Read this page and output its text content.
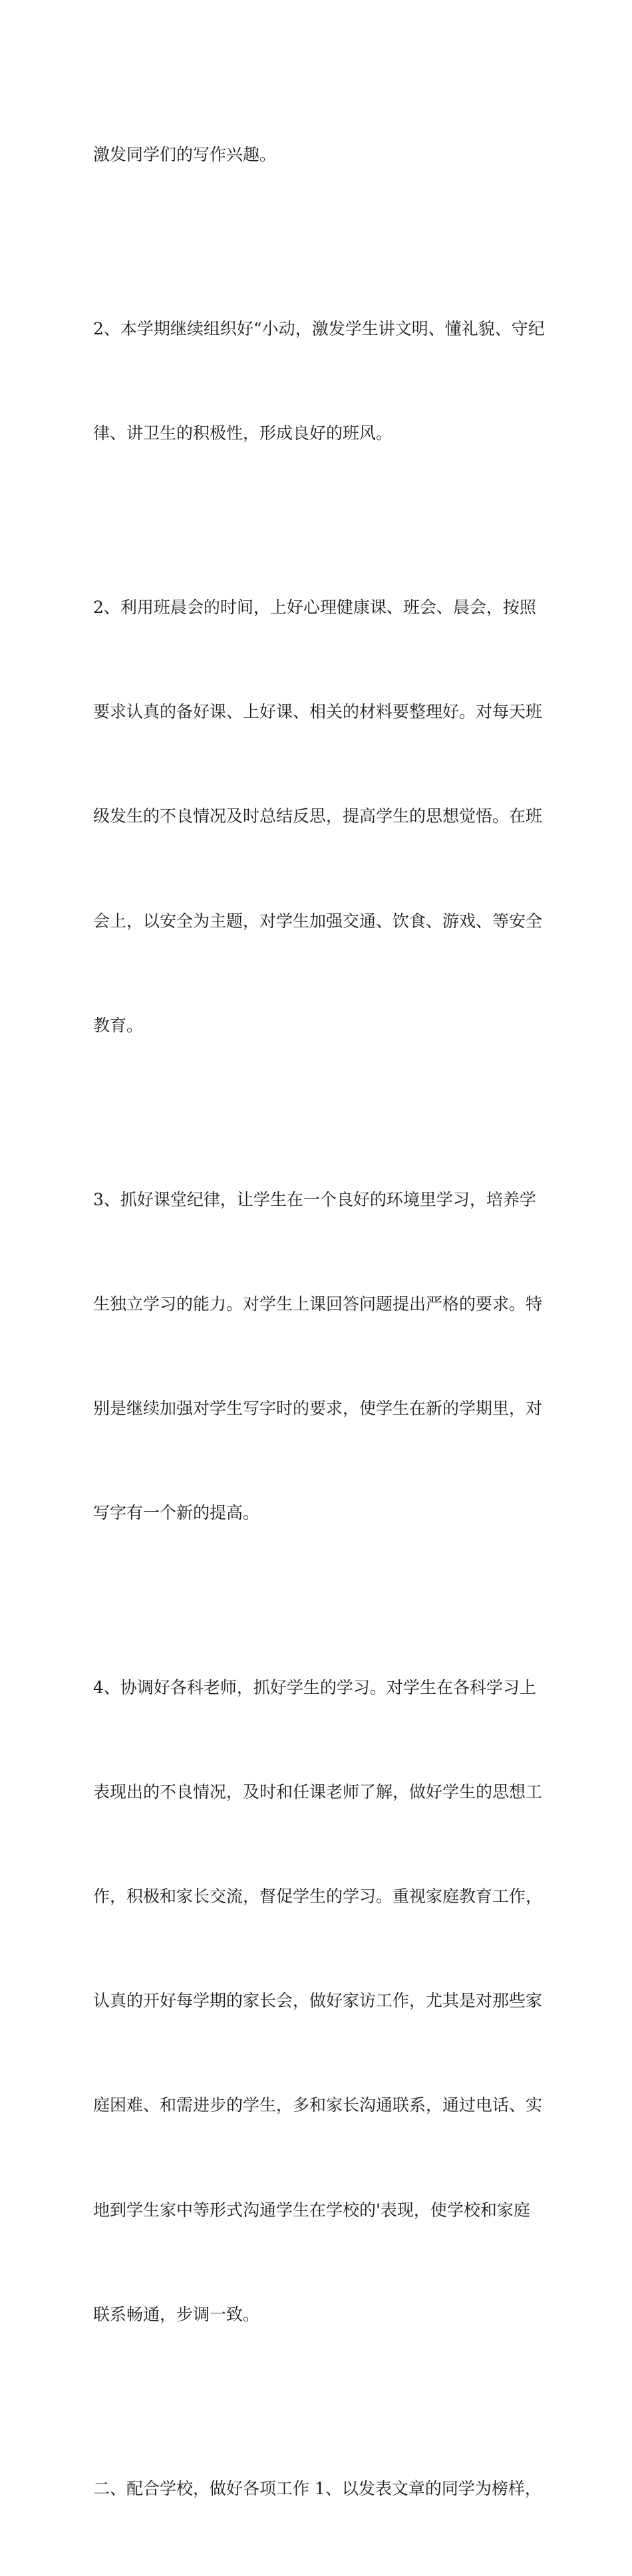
激发同学们的写作兴趣。

2、本学期继续组织好“小动，激发学生讲文明、懂礼貌、守纪

律、讲卫生的积极性，形成良好的班风。

2、利用班晨会的时间，上好心理健康课、班会、晨会，按照

要求认真的备好课、上好课、相关的材料要整理好。对每天班

级发生的不良情况及时总结反思，提高学生的思想觉悟。在班

会上，以安全为主题，对学生加强交通、饮食、游戏、等安全

教育。

3、抓好课堂纪律，让学生在一个良好的环境里学习，培养学

生独立学习的能力。对学生上课回答问题提出严格的要求。特

别是继续加强对学生写字时的要求，使学生在新的学期里，对

写字有一个新的提高。

4、协调好各科老师，抓好学生的学习。对学生在各科学习上

表现出的不良情况，及时和任课老师了解，做好学生的思想工

作，积极和家长交流，督促学生的学习。重视家庭教育工作，

认真的开好每学期的家长会，做好家访工作，尤其是对那些家

庭困难、和需进步的学生，多和家长沟通联系，通过电话、实

地到学生家中等形式沟通学生在学校的'表现，使学校和家庭

联系畅通，步调一致。

二、配合学校，做好各项工作 1、以发表文章的同学为榜样，
